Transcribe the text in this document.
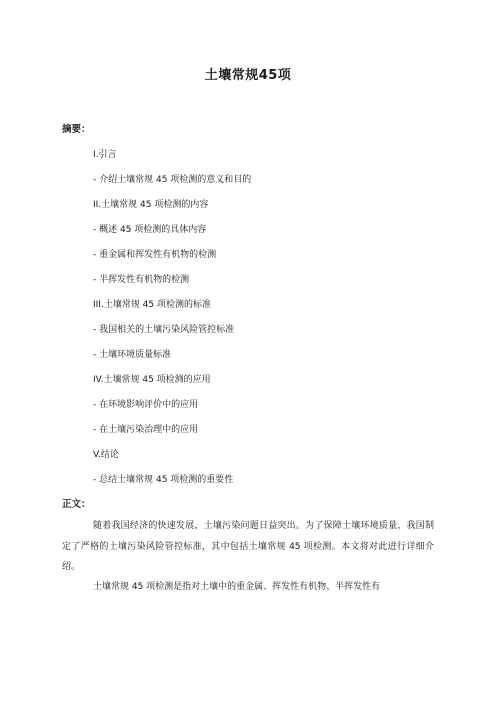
土壤常规45项
摘要：
I.引言
- 介绍土壤常规 45 项检测的意义和目的
II.土壤常规 45 项检测的内容
- 概述 45 项检测的具体内容
- 重金属和挥发性有机物的检测
- 半挥发性有机物的检测
III.土壤常规 45 项检测的标准
- 我国相关的土壤污染风险管控标准
- 土壤环境质量标准
IV.土壤常规 45 项检测的应用
- 在环境影响评价中的应用
- 在土壤污染治理中的应用
V.结论
- 总结土壤常规 45 项检测的重要性
正文：
随着我国经济的快速发展，土壤污染问题日益突出。为了保障土壤环境质量，我国制定了严格的土壤污染风险管控标准，其中包括土壤常规 45 项检测。本文将对此进行详细介绍。
土壤常规 45 项检测是指对土壤中的重金属、挥发性有机物、半挥发性有
